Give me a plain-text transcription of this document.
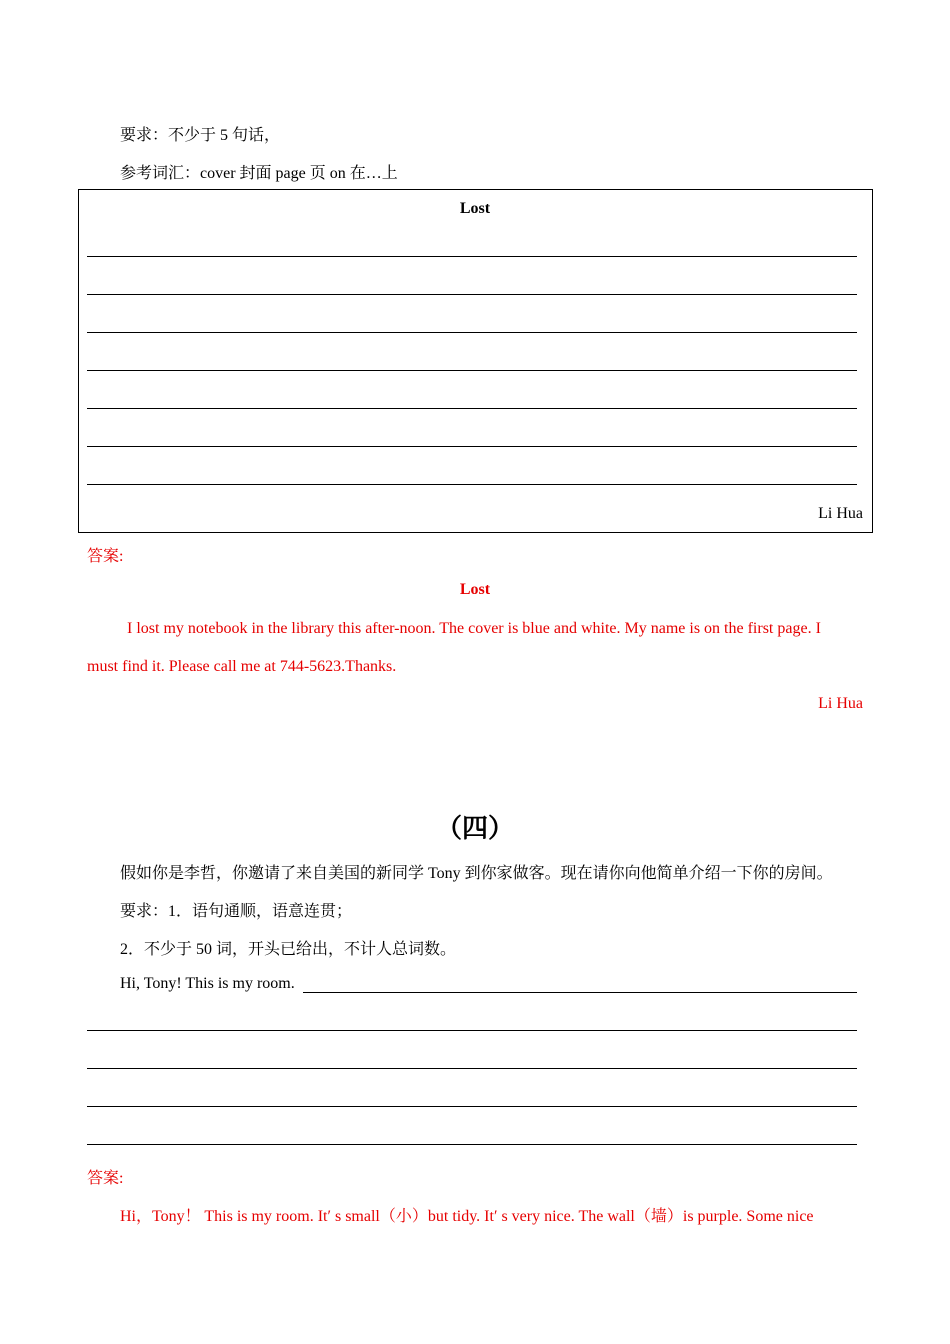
要求：不少于 5 句话，
参考词汇：cover 封面 page 页 on 在…上
Lost
Li Hua
答案:
Lost
I lost my notebook in the library this after-noon. The cover is blue and white. My name is on the first page. I
must find it. Please call me at 744-5623.Thanks.
Li Hua
（四）
假如你是李哲，你邀请了来自美国的新同学 Tony 到你家做客。现在请你向他简单介绍一下你的房间。
要求：1．语句通顺，语意连贯；
2．不少于 50 词，开头已给出，不计人总词数。
Hi, Tony! This is my room.
答案:
Hi，Tony！ This is my room. It′ s small（小）but tidy. It′ s very nice. The wall（墙）is purple. Some nice
